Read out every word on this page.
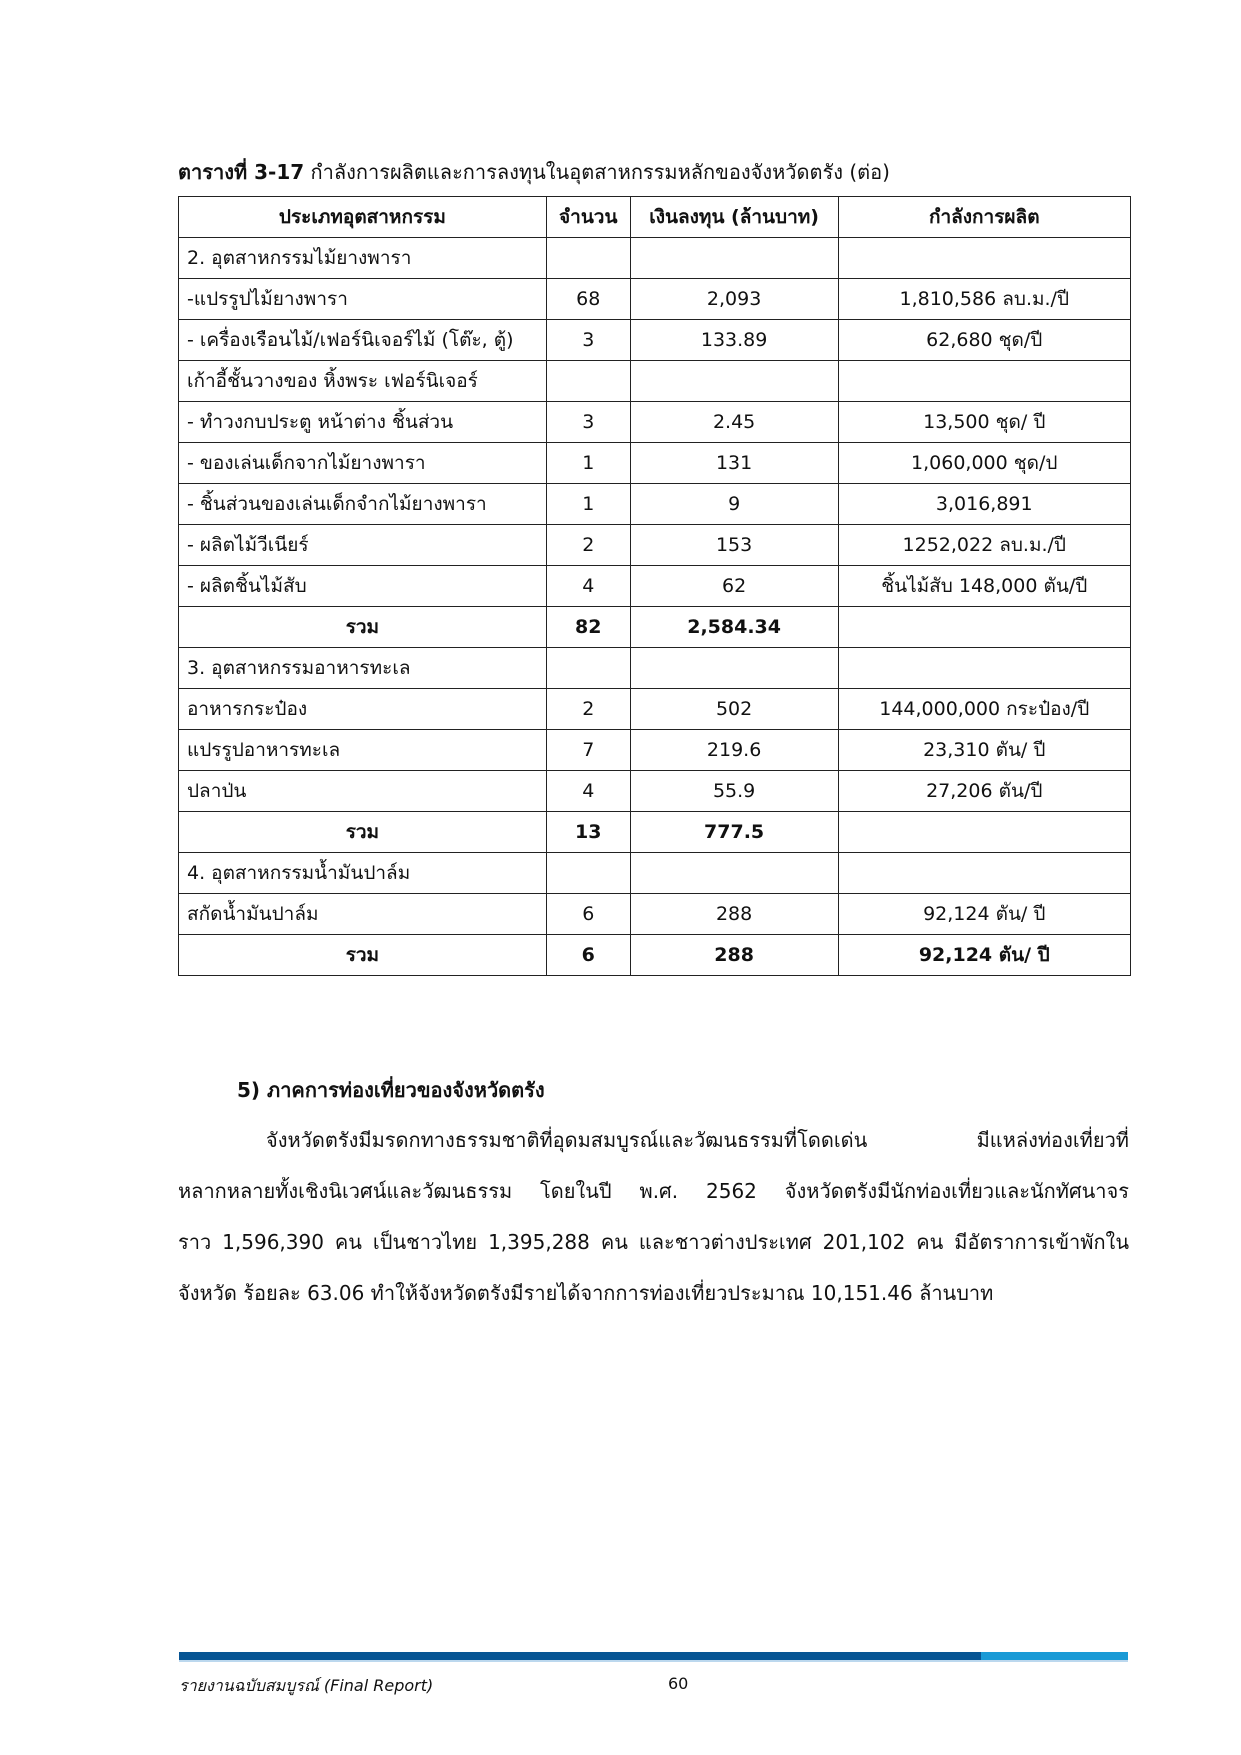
ตารางที่ 3-17 กำลังการผลิตและการลงทุนในอุตสาหกรรมหลักของจังหวัดตรัง (ต่อ)
ประเภทอุตสาหกรรม	จำนวน	เงินลงทุน (ล้านบาท)	กำลังการผลิต
2. อุตสาหกรรมไม้ยางพารา			
-แปรรูปไม้ยางพารา	68	2,093	1,810,586 ลบ.ม./ปี
- เครื่องเรือนไม้/เฟอร์นิเจอร์ไม้ (โต๊ะ, ตู้)	3	133.89	62,680 ชุด/ปี
เก้าอี้ชั้นวางของ หิ้งพระ เฟอร์นิเจอร์			
- ทำวงกบประตู หน้าต่าง ชิ้นส่วน	3	2.45	13,500 ชุด/ ปี
- ของเล่นเด็กจากไม้ยางพารา	1	131	1,060,000 ชุด/ป
- ชิ้นส่วนของเล่นเด็กจำกไม้ยางพารา	1	9	3,016,891
- ผลิตไม้วีเนียร์	2	153	1252,022 ลบ.ม./ปี
- ผลิตชิ้นไม้สับ	4	62	ชิ้นไม้สับ 148,000 ตัน/ปี
รวม	82	2,584.34	
3. อุตสาหกรรมอาหารทะเล			
อาหารกระป๋อง	2	502	144,000,000 กระป๋อง/ปี
แปรรูปอาหารทะเล	7	219.6	23,310 ตัน/ ปี
ปลาป่น	4	55.9	27,206 ตัน/ปี
รวม	13	777.5	
4. อุตสาหกรรมน้ำมันปาล์ม			
สกัดน้ำมันปาล์ม	6	288	92,124 ตัน/ ปี
รวม	6	288	92,124 ตัน/ ปี
5) ภาคการท่องเที่ยวของจังหวัดตรัง
จังหวัดตรังมีมรดกทางธรรมชาติที่อุดมสมบูรณ์และวัฒนธรรมที่โดดเด่น มีแหล่งท่องเที่ยวที่
หลากหลายทั้งเชิงนิเวศน์และวัฒนธรรม โดยในปี พ.ศ. 2562 จังหวัดตรังมีนักท่องเที่ยวและนักทัศนาจร
ราว 1,596,390 คน เป็นชาวไทย 1,395,288 คน และชาวต่างประเทศ 201,102 คน มีอัตราการเข้าพักใน
จังหวัด ร้อยละ 63.06 ทำให้จังหวัดตรังมีรายได้จากการท่องเที่ยวประมาณ 10,151.46 ล้านบาท
รายงานฉบับสมบูรณ์ (Final Report)	60
